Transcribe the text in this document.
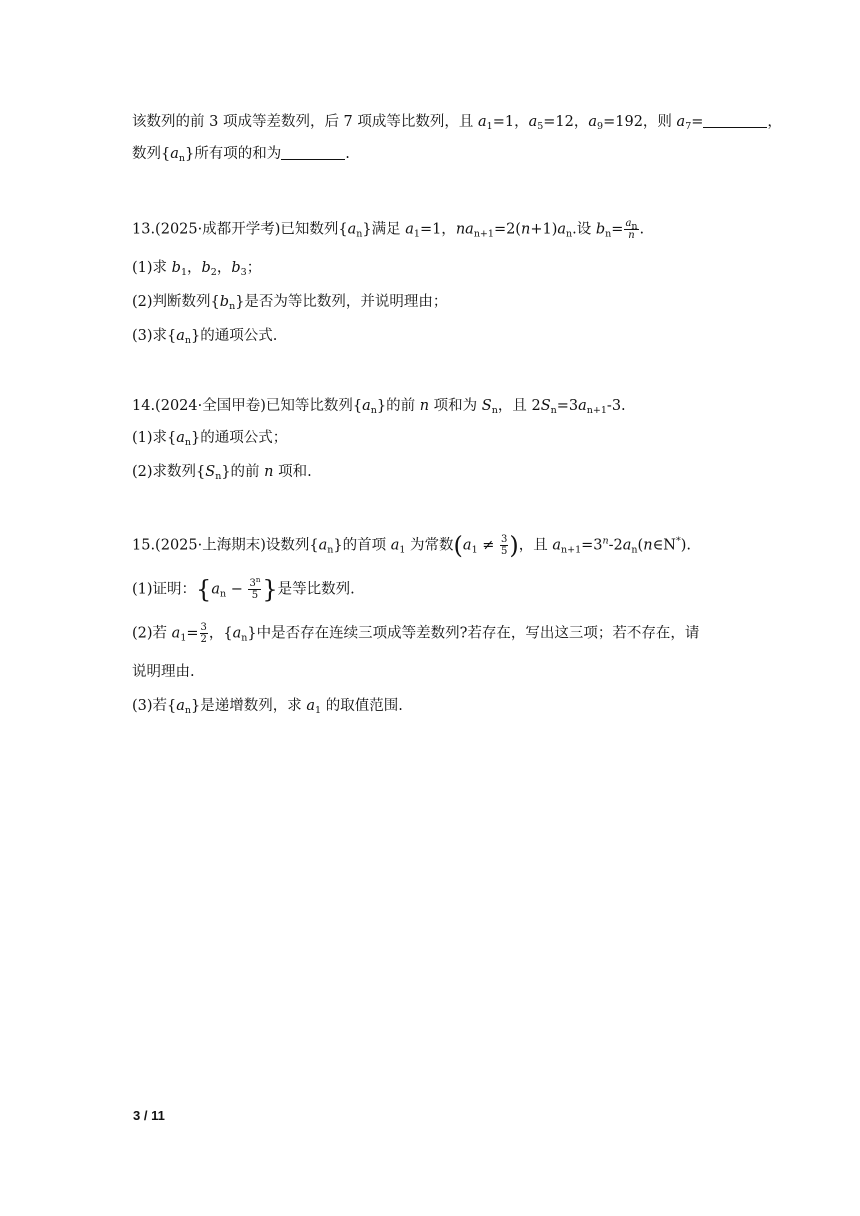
该数列的前 3 项成等差数列，后 7 项成等比数列，且 $a_1=1$，$a_5=12$，$a_9=192$，则 $a_7=$	，
数列$\{a_n\}$所有项的和为	.
13.(2025·成都开学考)已知数列$\{a_n\}$满足 $a_1=1$，$na_{n+1}=2(n+1)a_n$.设 $b_n= \frac{a_n}{n}$ .
(1)求 $b_1$，$b_2$，$b_3$；
(2)判断数列$\{b_n\}$是否为等比数列，并说明理由；
(3)求$\{a_n\}$的通项公式.
14.(2024·全国甲卷)已知等比数列$\{a_n\}$的前 n 项和为 $S_n$，且 $2S_n=3a_{n+1}-3$.
(1)求$\{a_n\}$的通项公式；
(2)求数列$\{S_n\}$的前 n 项和.
15.(2025·上海期末)设数列$\{a_n\}$的首项 $a_1$ 为常数($a_1 \ne \frac{3}{5}$ )，且 $a_{n+1}=3^n-2a_n(n\in N^*)$.
(1)证明：{$a_n - \frac{3^n}{5}$ }是等比数列.
(2)若 $a_1= \frac{3}{2}$ ，$\{a_n\}$中是否存在连续三项成等差数列?若存在，写出这三项；若不存在，请
说明理由.
(3)若$\{a_n\}$是递增数列，求 $a_1$ 的取值范围.
3 / 11
